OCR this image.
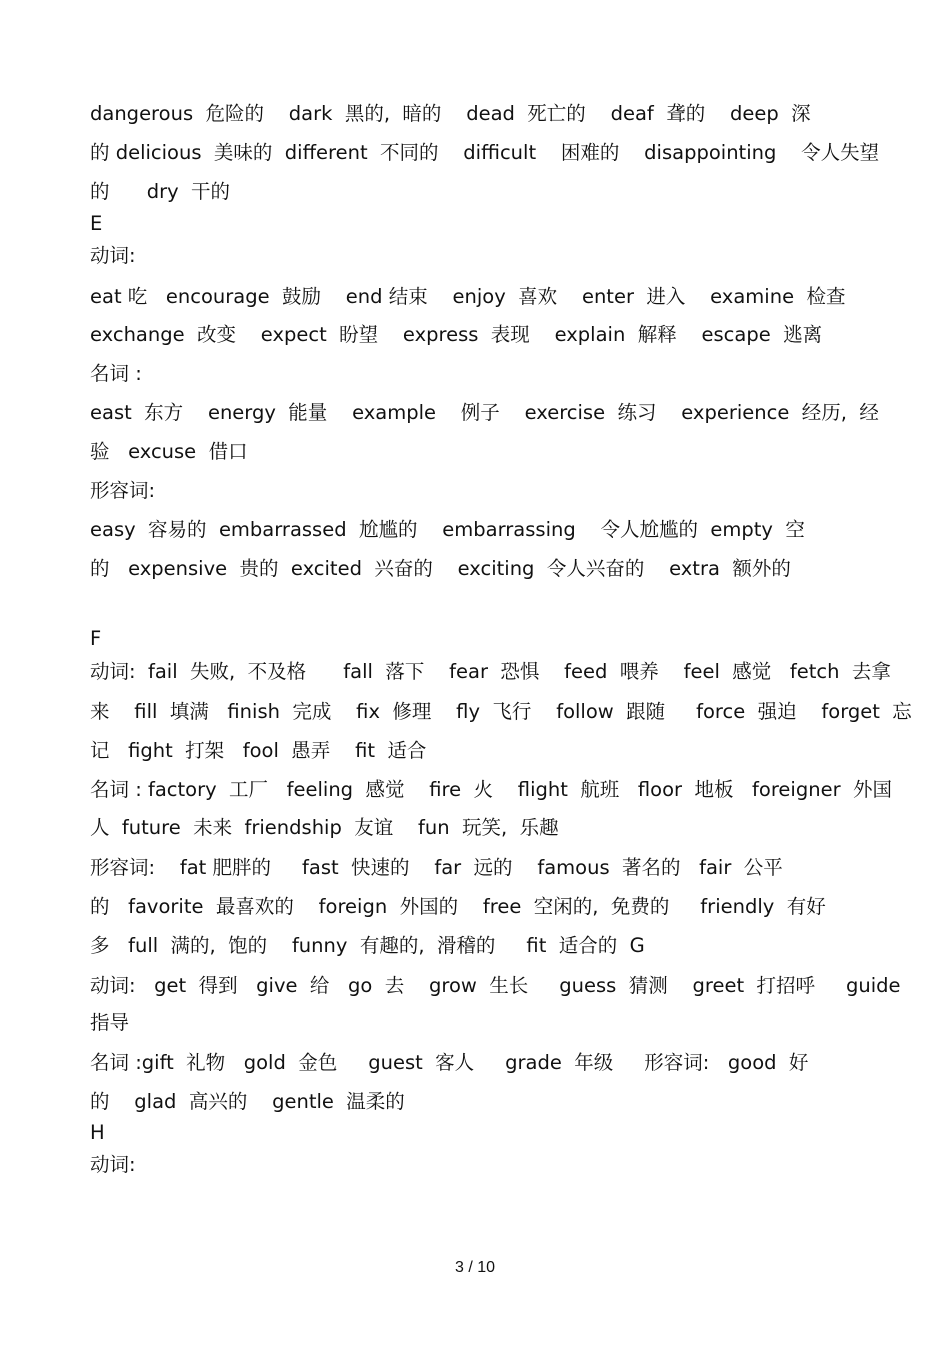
dangerous  危险的    dark  黑的,  暗的    dead  死亡的    deaf  聋的    deep  深
的 delicious  美味的  different  不同的    difficult    困难的    disappointing    令人失望
的      dry  干的
E
动词:
eat 吃   encourage  鼓励    end 结束    enjoy  喜欢    enter  进入    examine  检查
exchange  改变    expect  盼望    express  表现    explain  解释    escape  逃离
名词 :
east  东方    energy  能量    example    例子    exercise  练习    experience  经历,  经
验   excuse  借口
形容词:
easy  容易的  embarrassed  尬尴的    embarrassing    令人尬尴的  empty  空
的   expensive  贵的  excited  兴奋的    exciting  令人兴奋的    extra  额外的
F
动词:  fail  失败,  不及格      fall  落下    fear  恐惧    feed  喂养    feel  感觉   fetch  去拿
来    fill  填满   finish  完成    fix  修理    fly  飞行    follow  跟随     force  强迫    forget  忘
记   fight  打架   fool  愚弄    fit  适合
名词 : factory  工厂   feeling  感觉    fire  火    flight  航班   floor  地板   foreigner  外国
人  future  未来  friendship  友谊    fun  玩笑,  乐趣
形容词:    fat 肥胖的     fast  快速的    far  远的    famous  著名的   fair  公平
的   favorite  最喜欢的    foreign  外国的    free  空闲的,  免费的     friendly  有好
多   full  满的,  饱的    funny  有趣的,  滑稽的     fit  适合的  G
动词:   get  得到   give  给   go  去    grow  生长     guess  猜测    greet  打招呼     guide
指导
名词 :gift  礼物   gold  金色     guest  客人     grade  年级     形容词:   good  好
的    glad  高兴的    gentle  温柔的
H
动词:
3 / 10
